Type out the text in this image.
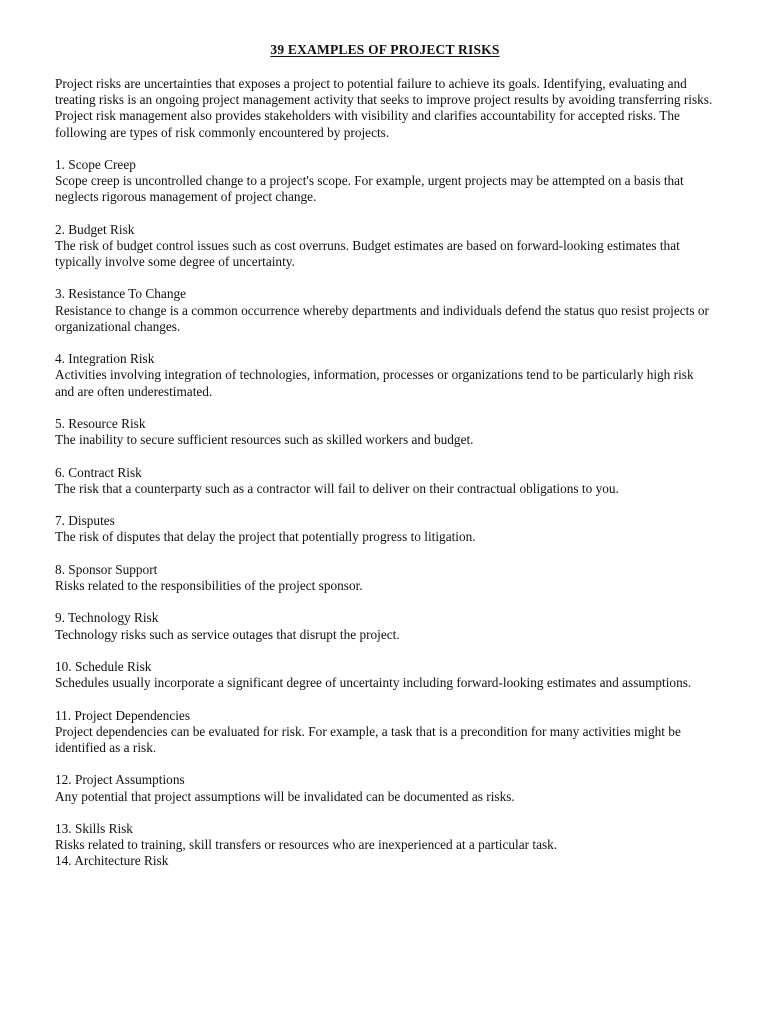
39 EXAMPLES OF PROJECT RISKS

Project risks are uncertainties that exposes a project to potential failure to achieve its goals. Identifying, evaluating and treating risks is an ongoing project management activity that seeks to improve project results by avoiding transferring risks. Project risk management also provides stakeholders with visibility and clarifies accountability for accepted risks. The following are types of risk commonly encountered by projects.

1. Scope Creep

Scope creep is uncontrolled change to a project's scope. For example, urgent projects may be attempted on a basis that neglects rigorous management of project change.

2. Budget Risk

The risk of budget control issues such as cost overruns. Budget estimates are based on forward-looking estimates that typically involve some degree of uncertainty.

3. Resistance To Change

Resistance to change is a common occurrence whereby departments and individuals defend the status quo resist projects or organizational changes.

4. Integration Risk

Activities involving integration of technologies, information, processes or organizations tend to be particularly high risk
and are often underestimated.

5. Resource Risk

The inability to secure sufficient resources such as skilled workers and budget.

6. Contract Risk

The risk that a counterparty such as a contractor will fail to deliver on their contractual obligations to you.

7. Disputes

The risk of disputes that delay the project that potentially progress to litigation.

8. Sponsor Support

Risks related to the responsibilities of the project sponsor.

9. Technology Risk

Technology risks such as service outages that disrupt the project.

10. Schedule Risk

Schedules usually incorporate a significant degree of uncertainty including forward-looking estimates and assumptions.

11. Project Dependencies

Project dependencies can be evaluated for risk. For example, a task that is a precondition for many activities might be identified as a risk.

12. Project Assumptions

Any potential that project assumptions will be invalidated can be documented as risks.

13. Skills Risk

Risks related to training, skill transfers or resources who are inexperienced at a particular task.

14. Architecture Risk
